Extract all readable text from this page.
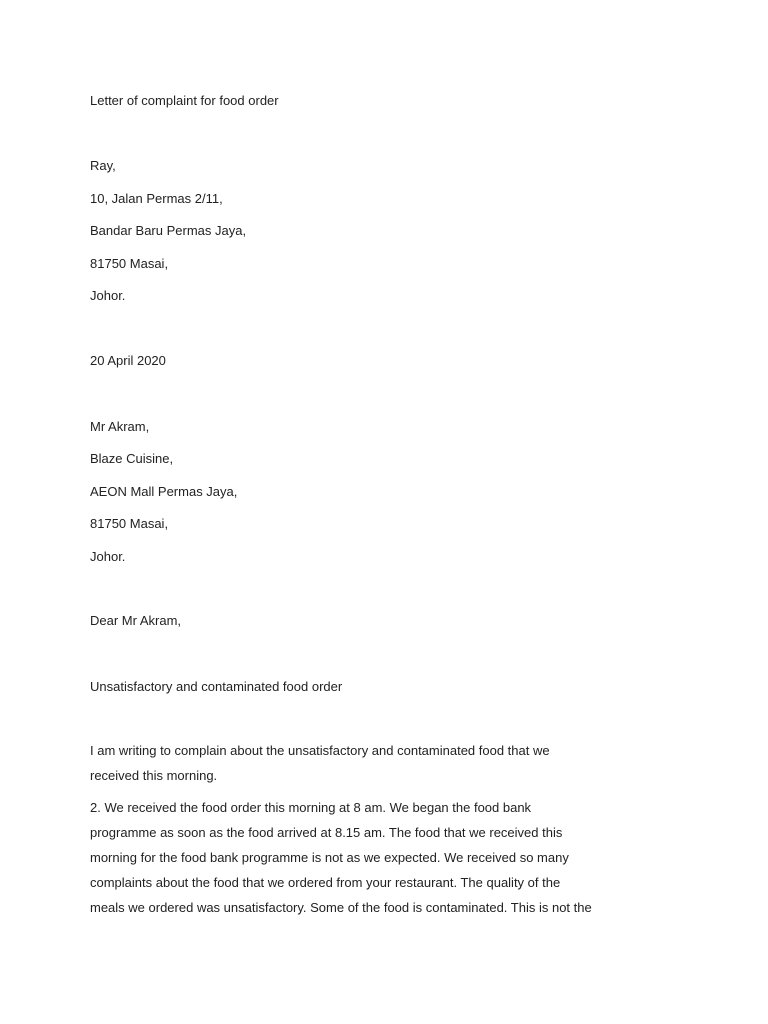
Letter of complaint for food order
Ray,
10, Jalan Permas 2/11,
Bandar Baru Permas Jaya,
81750 Masai,
Johor.
20 April 2020
Mr Akram,
Blaze Cuisine,
AEON Mall Permas Jaya,
81750 Masai,
Johor.
Dear Mr Akram,
Unsatisfactory and contaminated food order
I am writing to complain about the unsatisfactory and contaminated food that we
received this morning.
2. We received the food order this morning at 8 am. We began the food bank
programme as soon as the food arrived at 8.15 am. The food that we received this
morning for the food bank programme is not as we expected. We received so many
complaints about the food that we ordered from your restaurant. The quality of the
meals we ordered was unsatisfactory. Some of the food is contaminated. This is not the
